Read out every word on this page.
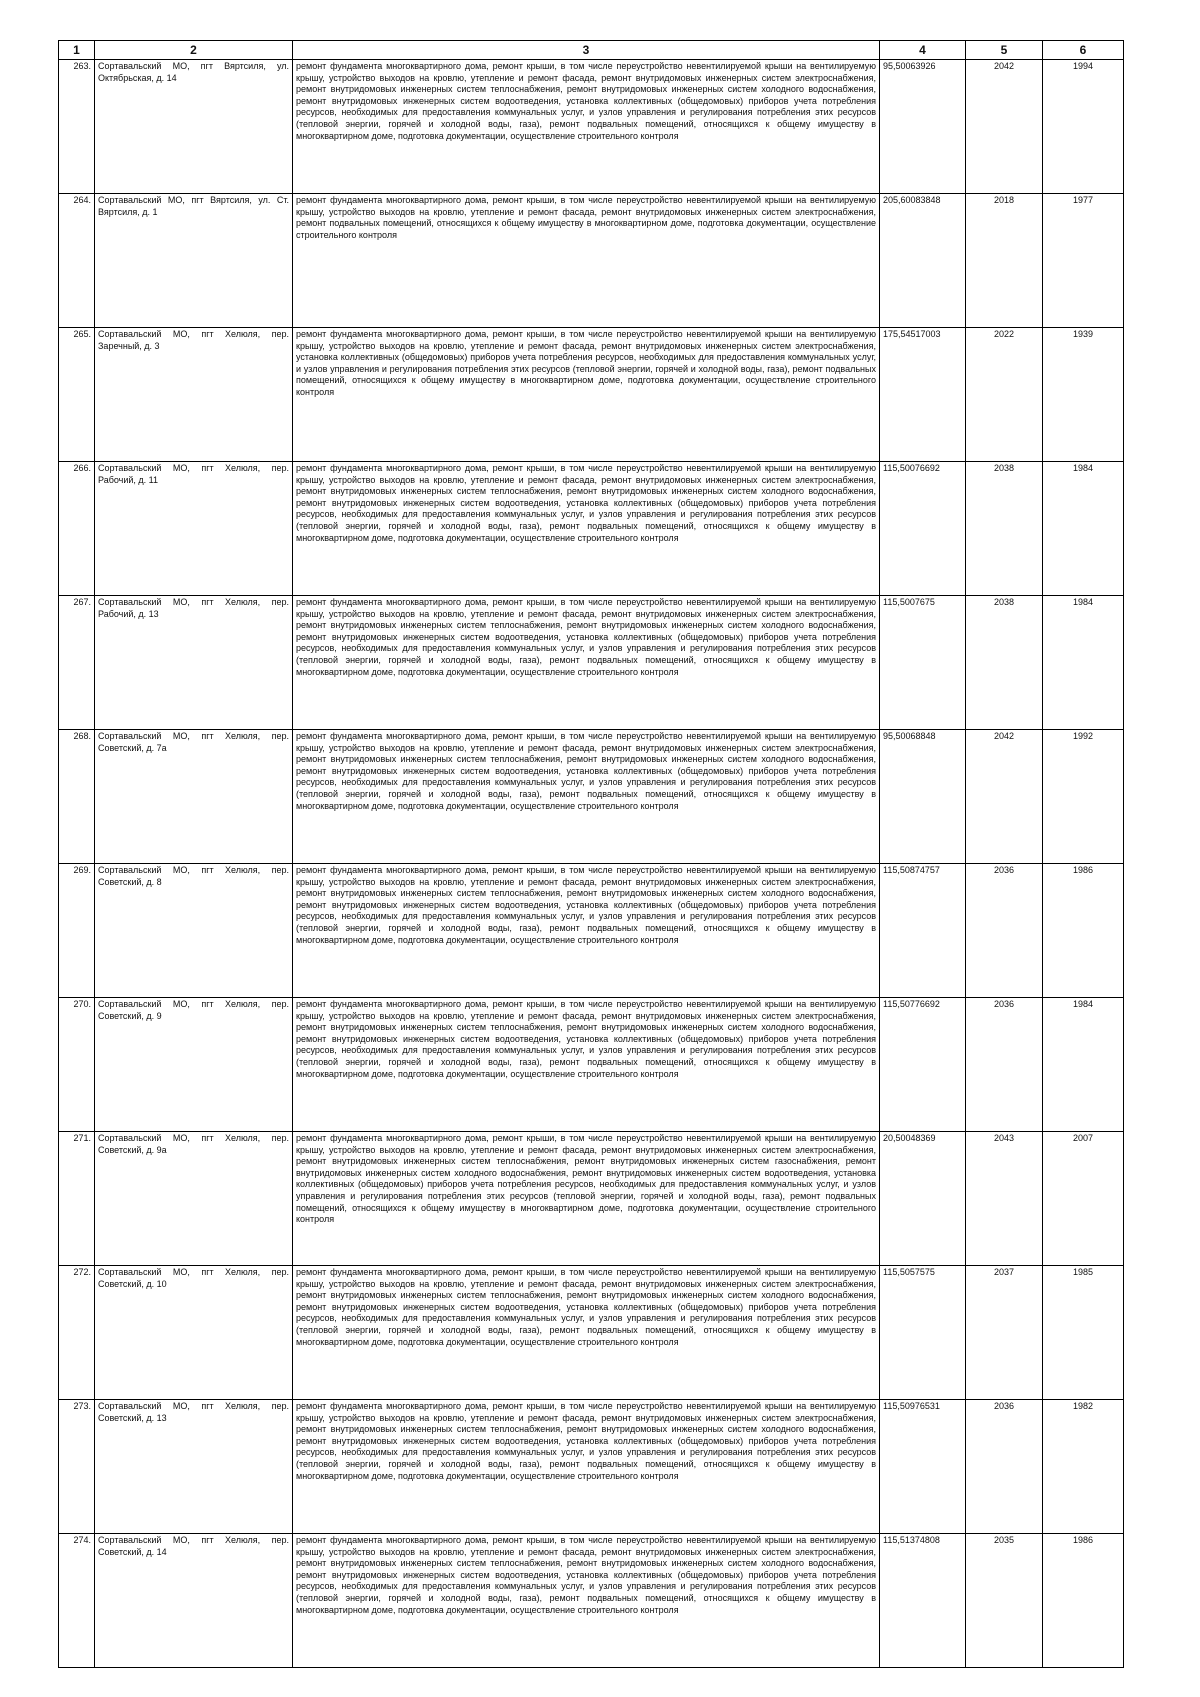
1	2	3	4	5	6
263.	Сортавальский МО, пгт Вяртсиля, ул. Октябрьская, д. 14	ремонт фундамента многоквартирного дома, ремонт крыши, в том числе переустройство невентилируемой крыши на вентилируемую крышу, устройство выходов на кровлю, утепление и ремонт фасада, ремонт внутридомовых инженерных систем электроснабжения, ремонт внутридомовых инженерных систем теплоснабжения, ремонт внутридомовых инженерных систем холодного водоснабжения, ремонт внутридомовых инженерных систем водоотведения, установка коллективных (общедомовых) приборов учета потребления ресурсов, необходимых для предоставления коммунальных услуг, и узлов управления и регулирования потребления этих ресурсов (тепловой энергии, горячей и холодной воды, газа), ремонт подвальных помещений, относящихся к общему имуществу в многоквартирном доме, подготовка документации, осуществление строительного контроля	95,50063926	2042	1994
264.	Сортавальский МО, пгт Вяртсиля, ул. Ст. Вяртсиля, д. 1	ремонт фундамента многоквартирного дома, ремонт крыши, в том числе переустройство невентилируемой крыши на вентилируемую крышу, устройство выходов на кровлю, утепление и ремонт фасада, ремонт внутридомовых инженерных систем электроснабжения, ремонт подвальных помещений, относящихся к общему имуществу в многоквартирном доме, подготовка документации, осуществление строительного контроля	205,60083848	2018	1977
265.	Сортавальский МО, пгт Хелюля, пер. Заречный, д. 3	ремонт фундамента многоквартирного дома, ремонт крыши, в том числе переустройство невентилируемой крыши на вентилируемую крышу, устройство выходов на кровлю, утепление и ремонт фасада, ремонт внутридомовых инженерных систем электроснабжения, установка коллективных (общедомовых) приборов учета потребления ресурсов, необходимых для предоставления коммунальных услуг, и узлов управления и регулирования потребления этих ресурсов (тепловой энергии, горячей и холодной воды, газа), ремонт подвальных помещений, относящихся к общему имуществу в многоквартирном доме, подготовка документации, осуществление строительного контроля	175,54517003	2022	1939
266.	Сортавальский МО, пгт Хелюля, пер. Рабочий, д. 11	ремонт фундамента многоквартирного дома, ремонт крыши, в том числе переустройство невентилируемой крыши на вентилируемую крышу, устройство выходов на кровлю, утепление и ремонт фасада, ремонт внутридомовых инженерных систем электроснабжения, ремонт внутридомовых инженерных систем теплоснабжения, ремонт внутридомовых инженерных систем холодного водоснабжения, ремонт внутридомовых инженерных систем водоотведения, установка коллективных (общедомовых) приборов учета потребления ресурсов, необходимых для предоставления коммунальных услуг, и узлов управления и регулирования потребления этих ресурсов (тепловой энергии, горячей и холодной воды, газа), ремонт подвальных помещений, относящихся к общему имуществу в многоквартирном доме, подготовка документации, осуществление строительного контроля	115,50076692	2038	1984
267.	Сортавальский МО, пгт Хелюля, пер. Рабочий, д. 13	ремонт фундамента многоквартирного дома, ремонт крыши, в том числе переустройство невентилируемой крыши на вентилируемую крышу, устройство выходов на кровлю, утепление и ремонт фасада, ремонт внутридомовых инженерных систем электроснабжения, ремонт внутридомовых инженерных систем теплоснабжения, ремонт внутридомовых инженерных систем холодного водоснабжения, ремонт внутридомовых инженерных систем водоотведения, установка коллективных (общедомовых) приборов учета потребления ресурсов, необходимых для предоставления коммунальных услуг, и узлов управления и регулирования потребления этих ресурсов (тепловой энергии, горячей и холодной воды, газа), ремонт подвальных помещений, относящихся к общему имуществу в многоквартирном доме, подготовка документации, осуществление строительного контроля	115,5007675	2038	1984
268.	Сортавальский МО, пгт Хелюля, пер. Советский, д. 7а	ремонт фундамента многоквартирного дома, ремонт крыши, в том числе переустройство невентилируемой крыши на вентилируемую крышу, устройство выходов на кровлю, утепление и ремонт фасада, ремонт внутридомовых инженерных систем электроснабжения, ремонт внутридомовых инженерных систем теплоснабжения, ремонт внутридомовых инженерных систем холодного водоснабжения, ремонт внутридомовых инженерных систем водоотведения, установка коллективных (общедомовых) приборов учета потребления ресурсов, необходимых для предоставления коммунальных услуг, и узлов управления и регулирования потребления этих ресурсов (тепловой энергии, горячей и холодной воды, газа), ремонт подвальных помещений, относящихся к общему имуществу в многоквартирном доме, подготовка документации, осуществление строительного контроля	95,50068848	2042	1992
269.	Сортавальский МО, пгт Хелюля, пер. Советский, д. 8	ремонт фундамента многоквартирного дома, ремонт крыши, в том числе переустройство невентилируемой крыши на вентилируемую крышу, устройство выходов на кровлю, утепление и ремонт фасада, ремонт внутридомовых инженерных систем электроснабжения, ремонт внутридомовых инженерных систем теплоснабжения, ремонт внутридомовых инженерных систем холодного водоснабжения, ремонт внутридомовых инженерных систем водоотведения, установка коллективных (общедомовых) приборов учета потребления ресурсов, необходимых для предоставления коммунальных услуг, и узлов управления и регулирования потребления этих ресурсов (тепловой энергии, горячей и холодной воды, газа), ремонт подвальных помещений, относящихся к общему имуществу в многоквартирном доме, подготовка документации, осуществление строительного контроля	115,50874757	2036	1986
270.	Сортавальский МО, пгт Хелюля, пер. Советский, д. 9	ремонт фундамента многоквартирного дома, ремонт крыши, в том числе переустройство невентилируемой крыши на вентилируемую крышу, устройство выходов на кровлю, утепление и ремонт фасада, ремонт внутридомовых инженерных систем электроснабжения, ремонт внутридомовых инженерных систем теплоснабжения, ремонт внутридомовых инженерных систем холодного водоснабжения, ремонт внутридомовых инженерных систем водоотведения, установка коллективных (общедомовых) приборов учета потребления ресурсов, необходимых для предоставления коммунальных услуг, и узлов управления и регулирования потребления этих ресурсов (тепловой энергии, горячей и холодной воды, газа), ремонт подвальных помещений, относящихся к общему имуществу в многоквартирном доме, подготовка документации, осуществление строительного контроля	115,50776692	2036	1984
271.	Сортавальский МО, пгт Хелюля, пер. Советский, д. 9а	ремонт фундамента многоквартирного дома, ремонт крыши, в том числе переустройство невентилируемой крыши на вентилируемую крышу, устройство выходов на кровлю, утепление и ремонт фасада, ремонт внутридомовых инженерных систем электроснабжения, ремонт внутридомовых инженерных систем теплоснабжения, ремонт внутридомовых инженерных систем газоснабжения, ремонт внутридомовых инженерных систем холодного водоснабжения, ремонт внутридомовых инженерных систем водоотведения, установка коллективных (общедомовых) приборов учета потребления ресурсов, необходимых для предоставления коммунальных услуг, и узлов управления и регулирования потребления этих ресурсов (тепловой энергии, горячей и холодной воды, газа), ремонт подвальных помещений, относящихся к общему имуществу в многоквартирном доме, подготовка документации, осуществление строительного контроля	20,50048369	2043	2007
272.	Сортавальский МО, пгт Хелюля, пер. Советский, д. 10	ремонт фундамента многоквартирного дома, ремонт крыши, в том числе переустройство невентилируемой крыши на вентилируемую крышу, устройство выходов на кровлю, утепление и ремонт фасада, ремонт внутридомовых инженерных систем электроснабжения, ремонт внутридомовых инженерных систем теплоснабжения, ремонт внутридомовых инженерных систем холодного водоснабжения, ремонт внутридомовых инженерных систем водоотведения, установка коллективных (общедомовых) приборов учета потребления ресурсов, необходимых для предоставления коммунальных услуг, и узлов управления и регулирования потребления этих ресурсов (тепловой энергии, горячей и холодной воды, газа), ремонт подвальных помещений, относящихся к общему имуществу в многоквартирном доме, подготовка документации, осуществление строительного контроля	115,5057575	2037	1985
273.	Сортавальский МО, пгт Хелюля, пер. Советский, д. 13	ремонт фундамента многоквартирного дома, ремонт крыши, в том числе переустройство невентилируемой крыши на вентилируемую крышу, устройство выходов на кровлю, утепление и ремонт фасада, ремонт внутридомовых инженерных систем электроснабжения, ремонт внутридомовых инженерных систем теплоснабжения, ремонт внутридомовых инженерных систем холодного водоснабжения, ремонт внутридомовых инженерных систем водоотведения, установка коллективных (общедомовых) приборов учета потребления ресурсов, необходимых для предоставления коммунальных услуг, и узлов управления и регулирования потребления этих ресурсов (тепловой энергии, горячей и холодной воды, газа), ремонт подвальных помещений, относящихся к общему имуществу в многоквартирном доме, подготовка документации, осуществление строительного контроля	115,50976531	2036	1982
274.	Сортавальский МО, пгт Хелюля, пер. Советский, д. 14	ремонт фундамента многоквартирного дома, ремонт крыши, в том числе переустройство невентилируемой крыши на вентилируемую крышу, устройство выходов на кровлю, утепление и ремонт фасада, ремонт внутридомовых инженерных систем электроснабжения, ремонт внутридомовых инженерных систем теплоснабжения, ремонт внутридомовых инженерных систем холодного водоснабжения, ремонт внутридомовых инженерных систем водоотведения, установка коллективных (общедомовых) приборов учета потребления ресурсов, необходимых для предоставления коммунальных услуг, и узлов управления и регулирования потребления этих ресурсов (тепловой энергии, горячей и холодной воды, газа), ремонт подвальных помещений, относящихся к общему имуществу в многоквартирном доме, подготовка документации, осуществление строительного контроля	115,51374808	2035	1986
